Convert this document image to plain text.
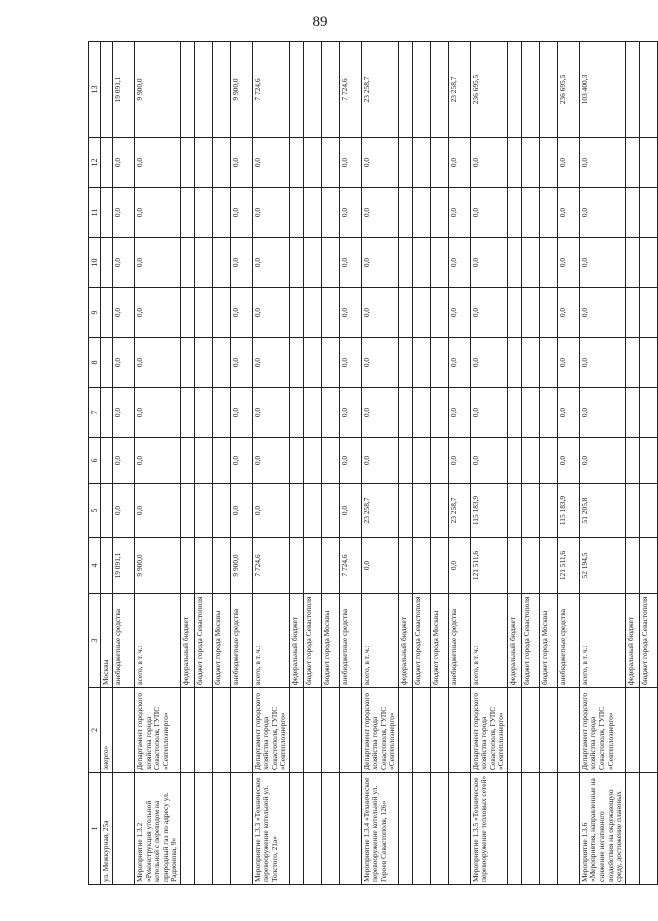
89
1	2	3	4	5	6	7	8	9	10	11	12	13
ул. Межкурная, 25а	энерго»	Москвы										
		внебюджетные средства	19 091,1	0,0	0,0	0,0	0,0	0,0	0,0	0,0	0,0	19 091,1
Мероприятие 1.3.2 «Реконструкция угольной котельной с переводом на природный газ по адресу ул. Радионова, 9»	Департамент городского хозяйства города Севастополя, ГУПС «Севтеплоэнерго»	всего, в т. ч.:	9 900,0	0,0	0,0	0,0	0,0	0,0	0,0	0,0	0,0	9 900,0
		федеральный бюджет										
		бюджет города Севастополя										
		бюджет города Москвы										
		внебюджетные средства	9 900,0	0,0	0,0	0,0	0,0	0,0	0,0	0,0	0,0	9 900,0
Мероприятие 1.3.3 «Техническое перевооружение котельной ул. Толстого, 21а»	Департамент городского хозяйства города Севастополя, ГУПС «Севтеплоэнерго»	всего, в т. ч.:	7 724,6	0,0	0,0	0,0	0,0	0,0	0,0	0,0	0,0	7 724,6
		федеральный бюджет										
		бюджет города Севастополя										
		бюджет города Москвы										
		внебюджетные средства	7 724,6	0,0	0,0	0,0	0,0	0,0	0,0	0,0	0,0	7 724,6
Мероприятие 1.3.4 «Техническое перевооружение котельной ул. Героев Севастополя, 126»	Департамент городского хозяйства города Севастополя, ГУПС «Севтеплоэнерго»	всего, в т. ч.:	0,0	23 258,7	0,0	0,0	0,0	0,0	0,0	0,0	0,0	23 258,7
		федеральный бюджет										
		бюджет города Севастополя										
		бюджет города Москвы										
		внебюджетные средства	0,0	23 258,7	0,0	0,0	0,0	0,0	0,0	0,0	0,0	23 258,7
Мероприятие 1.3.5 «Техническое перевооружение тепловых сетей»	Департамент городского хозяйства города Севастополя, ГУПС «Севтеплоэнерго»	всего, в т. ч.:	121 511,6	115 183,9	0,0	0,0	0,0	0,0	0,0	0,0	0,0	236 695,5
		федеральный бюджет										
		бюджет города Севастополя										
		бюджет города Москвы										
		внебюджетные средства	121 511,6	115 183,9	0,0	0,0	0,0	0,0	0,0	0,0	0,0	236 695,5
Мероприятие 1.3.6 «Мероприятия, направленные на снижение негативного воздействия на окружающую среду, достижение плановых	Департамент городского хозяйства города Севастополя, ГУПС «Севтеплоэнерго»	всего, в т. ч.:	52 194,5	51 205,8	0,0	0,0	0,0	0,0	0,0	0,0	0,0	103 400,3
		федеральный бюджет										
		бюджет города Севастополя										
